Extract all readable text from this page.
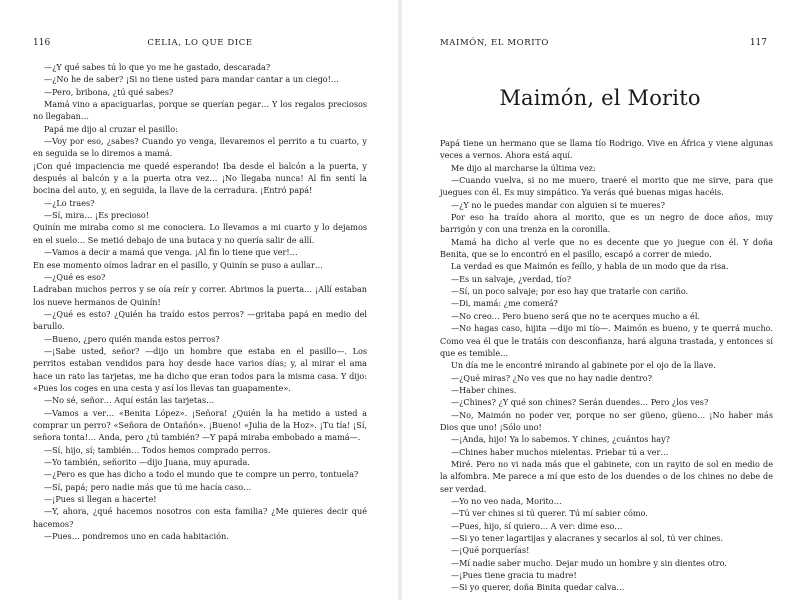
116	CELIA, LO QUE DICE

—¿Y qué sabes tú lo que yo me he gastado, descarada?

—¿No he de saber? ¡Si no tiene usted para mandar cantar a un ciego!…

—Pero, bribona, ¿tú qué sabes?

Mamá vino a apaciguarlas, porque se querían pegar… Y los regalos preciosos no llegaban…

Papá me dijo al cruzar el pasillo:

—Voy por eso, ¿sabes? Cuando yo venga, llevaremos el perrito a tu cuarto, y en seguida se lo diremos a mamá.

¡Con qué impaciencia me quedé esperando! Iba desde el balcón a la puerta, y después al balcón y a la puerta otra vez… ¡No llegaba nunca! Al fin sentí la bocina del auto, y, en seguida, la llave de la cerradura. ¡Entró papá!

—¿Lo traes?

—Sí, mira… ¡Es precioso!

Quinín me miraba como si me conociera. Lo llevamos a mi cuarto y lo dejamos en el suelo… Se metió debajo de una butaca y no quería salir de allí.

—Vamos a decir a mamá que venga. ¡Al fin lo tiene que ver!…

En ese momento oímos ladrar en el pasillo, y Quinín se puso a aullar…

—¿Qué es eso?

Ladraban muchos perros y se oía reír y correr. Abrimos la puerta… ¡Allí estaban los nueve hermanos de Quinín!

—¿Qué es esto? ¿Quién ha traído estos perros? —gritaba papá en medio del barullo.

—Bueno, ¿pero quién manda estos perros?

—¡Sabe usted, señor? —dijo un hombre que estaba en el pasillo—. Los perritos estaban vendidos para hoy desde hace varios días; y, al mirar el ama hace un rato las tarjetas, me ha dicho que eran todos para la misma casa. Y dijo: «Pues los coges en una cesta y así los llevas tan guapamente».

—No sé, señor… Aquí están las tarjetas…

—Vamos a ver… «Benita López». ¡Señora! ¿Quién la ha metido a usted a comprar un perro? «Señora de Ontañón». ¡Bueno! «Julia de la Hoz». ¡Tu tía! ¡Sí, señora tonta!… Anda, pero ¿tú también? —Y papá miraba embobado a mamá—.

—Sí, hijo, sí; también… Todos hemos comprado perros.

—Yo también, señorito —dijo Juana, muy apurada.

—¿Pero es que has dicho a todo el mundo que te compre un perro, tontuela?

—Sí, papá; pero nadie más que tú me hacía caso…

—¡Pues si llegan a hacerte!

—Y, ahora, ¿qué hacemos nosotros con esta familia? ¿Me quieres decir qué hacemos?

—Pues… pondremos uno en cada habitación.

MAIMÓN, EL MORITO	117
Maimón, el Morito

Papá tiene un hermano que se llama tío Rodrigo. Vive en África y viene algunas veces a vernos. Ahora está aquí.

Me dijo al marcharse la última vez:

—Cuando vuelva, si no me muero, traeré el morito que me sirve, para que juegues con él. Es muy simpático. Ya verás qué buenas migas hacéis.

—¿Y no le puedes mandar con alguien si te mueres?

Por eso ha traído ahora al morito, que es un negro de doce años, muy barrigón y con una trenza en la coronilla.

Mamá ha dicho al verle que no es decente que yo juegue con él. Y doña Benita, que se lo encontró en el pasillo, escapó a correr de miedo.

La verdad es que Maimón es feíllo, y habla de un modo que da risa.

—Es un salvaje, ¿verdad, tío?

—Sí, un poco salvaje; por eso hay que tratarle con cariño.

—Di, mamá: ¿me comerá?

—No creo… Pero bueno será que no te acerques mucho a él.

—No hagas caso, hijita —dijo mi tío—. Maimón es bueno, y te querrá mucho. Como vea él que le tratáis con desconfianza, hará alguna trastada, y entonces sí que es temible…

Un día me le encontré mirando al gabinete por el ojo de la llave.

—¿Qué miras? ¿No ves que no hay nadie dentro?

—Haber chines.

—¿Chines? ¿Y qué son chines? Serán duendes… Pero ¿los ves?

—No, Maimón no poder ver, porque no ser güeno, güeno… ¡No haber más Dios que uno! ¡Sólo uno!

—¡Anda, hijo! Ya lo sabemos. Y chines, ¿cuántos hay?

—Chines haber muchos mielentas. Priebar tú a ver…

Miré. Pero no vi nada más que el gabinete, con un rayito de sol en medio de la alfombra. Me parece a mí que esto de los duendes o de los chines no debe de ser verdad.

—Yo no veo nada, Morito…

—Tú ver chines si tú querer. Tú mí sabier cómo.

—Pues, hijo, sí quiero… A ver: dime eso…

—Si yo tener lagartijas y alacranes y secarlos al sol, tú ver chines.

—¡Qué porquerías!

—Mí nadie saber mucho. Dejar mudo un hombre y sin dientes otro.

—¡Pues tiene gracia tu madre!

—Si yo querer, doña Binita quedar calva…
